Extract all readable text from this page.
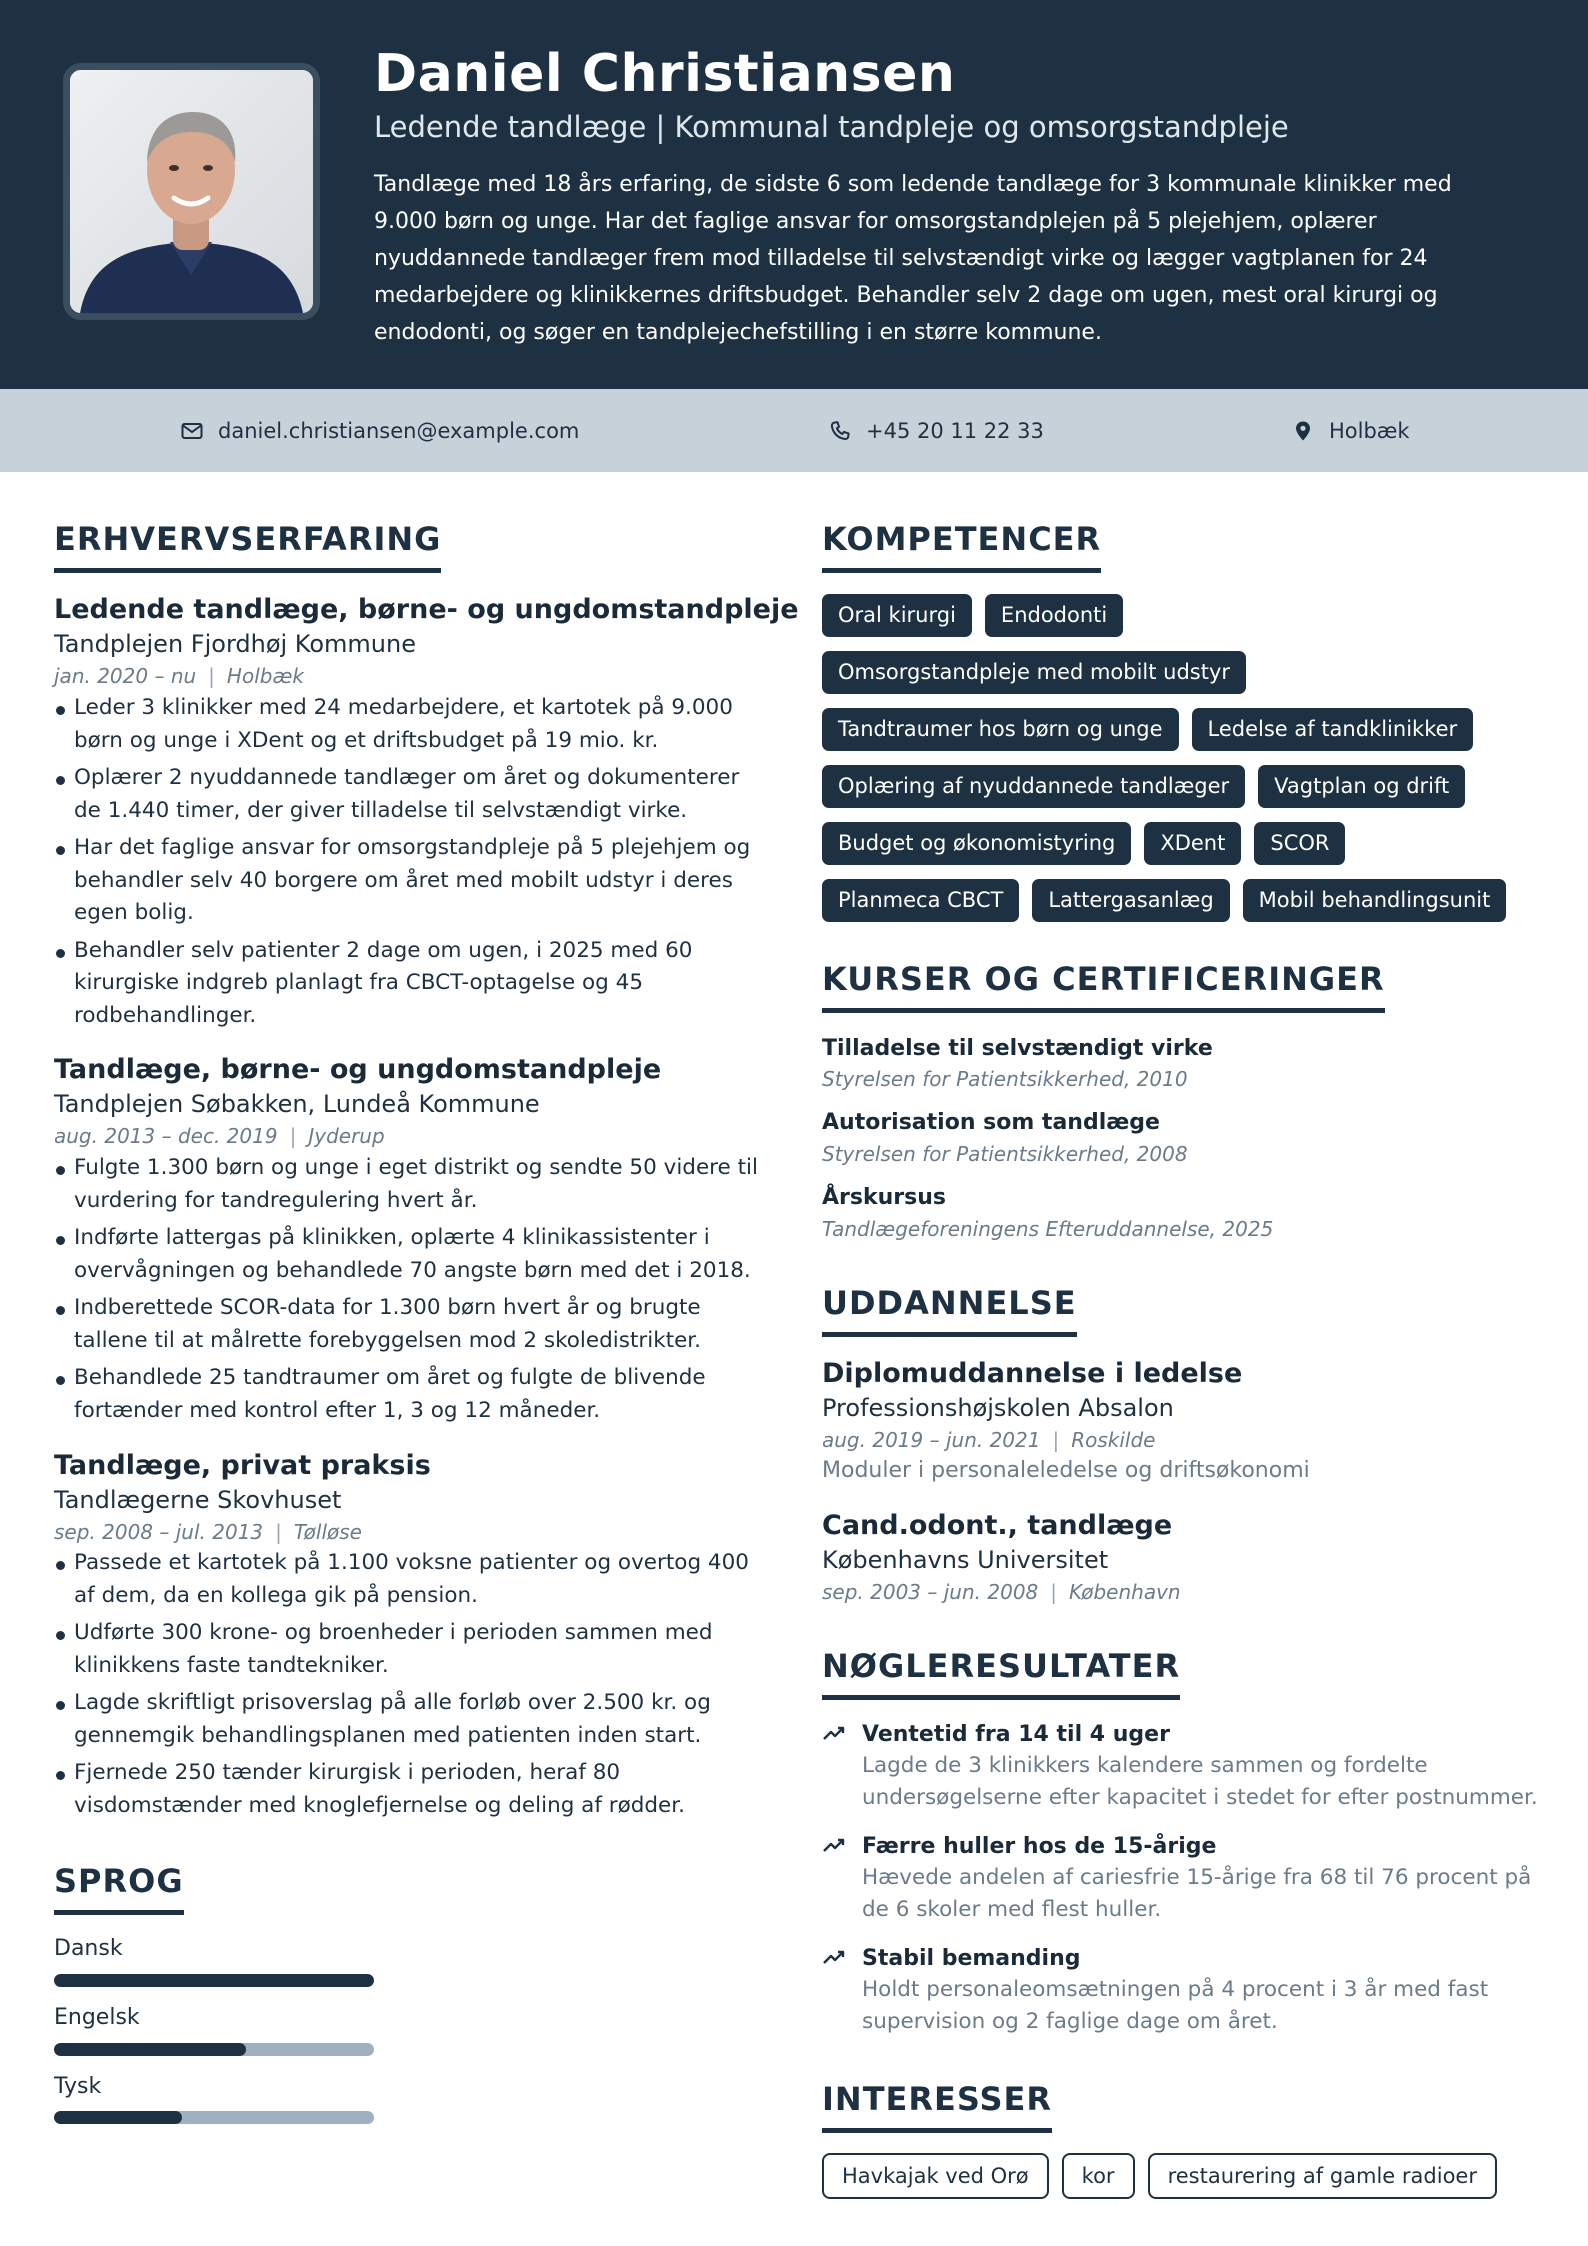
Daniel Christiansen
Ledende tandlæge | Kommunal tandpleje og omsorgstandpleje
Tandlæge med 18 års erfaring, de sidste 6 som ledende tandlæge for 3 kommunale klinikker med 9.000 børn og unge. Har det faglige ansvar for omsorgstandplejen på 5 plejehjem, oplærer nyuddannede tandlæger frem mod tilladelse til selvstændigt virke og lægger vagtplanen for 24 medarbejdere og klinikkernes driftsbudget. Behandler selv 2 dage om ugen, mest oral kirurgi og endodonti, og søger en tandplejechefstilling i en større kommune.
daniel.christiansen@example.com	+45 20 11 22 33	Holbæk
ERHVERVSERFARING
Ledende tandlæge, børne- og ungdomstandpleje
Tandplejen Fjordhøj Kommune
jan. 2020 – nu | Holbæk
Leder 3 klinikker med 24 medarbejdere, et kartotek på 9.000 børn og unge i XDent og et driftsbudget på 19 mio. kr.
Oplærer 2 nyuddannede tandlæger om året og dokumenterer de 1.440 timer, der giver tilladelse til selvstændigt virke.
Har det faglige ansvar for omsorgstandpleje på 5 plejehjem og behandler selv 40 borgere om året med mobilt udstyr i deres egen bolig.
Behandler selv patienter 2 dage om ugen, i 2025 med 60 kirurgiske indgreb planlagt fra CBCT-optagelse og 45 rodbehandlinger.
Tandlæge, børne- og ungdomstandpleje
Tandplejen Søbakken, Lundeå Kommune
aug. 2013 – dec. 2019 | Jyderup
Fulgte 1.300 børn og unge i eget distrikt og sendte 50 videre til vurdering for tandregulering hvert år.
Indførte lattergas på klinikken, oplærte 4 klinikassistenter i overvågningen og behandlede 70 angste børn med det i 2018.
Indberettede SCOR-data for 1.300 børn hvert år og brugte tallene til at målrette forebyggelsen mod 2 skoledistrikter.
Behandlede 25 tandtraumer om året og fulgte de blivende fortænder med kontrol efter 1, 3 og 12 måneder.
Tandlæge, privat praksis
Tandlægerne Skovhuset
sep. 2008 – jul. 2013 | Tølløse
Passede et kartotek på 1.100 voksne patienter og overtog 400 af dem, da en kollega gik på pension.
Udførte 300 krone- og broenheder i perioden sammen med klinikkens faste tandtekniker.
Lagde skriftligt prisoverslag på alle forløb over 2.500 kr. og gennemgik behandlingsplanen med patienten inden start.
Fjernede 250 tænder kirurgisk i perioden, heraf 80 visdomstænder med knoglefjernelse og deling af rødder.
SPROG
Dansk
Engelsk
Tysk
KOMPETENCER
Oral kirurgi	Endodonti
Omsorgstandpleje med mobilt udstyr
Tandtraumer hos børn og unge	Ledelse af tandklinikker
Oplæring af nyuddannede tandlæger	Vagtplan og drift
Budget og økonomistyring	XDent	SCOR
Planmeca CBCT	Lattergasanlæg	Mobil behandlingsunit
KURSER OG CERTIFICERINGER
Tilladelse til selvstændigt virke
Styrelsen for Patientsikkerhed, 2010
Autorisation som tandlæge
Styrelsen for Patientsikkerhed, 2008
Årskursus
Tandlægeforeningens Efteruddannelse, 2025
UDDANNELSE
Diplomuddannelse i ledelse
Professionshøjskolen Absalon
aug. 2019 – jun. 2021 | Roskilde
Moduler i personaleledelse og driftsøkonomi
Cand.odont., tandlæge
Københavns Universitet
sep. 2003 – jun. 2008 | København
NØGLERESULTATER
Ventetid fra 14 til 4 uger
Lagde de 3 klinikkers kalendere sammen og fordelte undersøgelserne efter kapacitet i stedet for efter postnummer.
Færre huller hos de 15-årige
Hævede andelen af cariesfrie 15-årige fra 68 til 76 procent på de 6 skoler med flest huller.
Stabil bemanding
Holdt personaleomsætningen på 4 procent i 3 år med fast supervision og 2 faglige dage om året.
INTERESSER
Havkajak ved Orø	kor	restaurering af gamle radioer
